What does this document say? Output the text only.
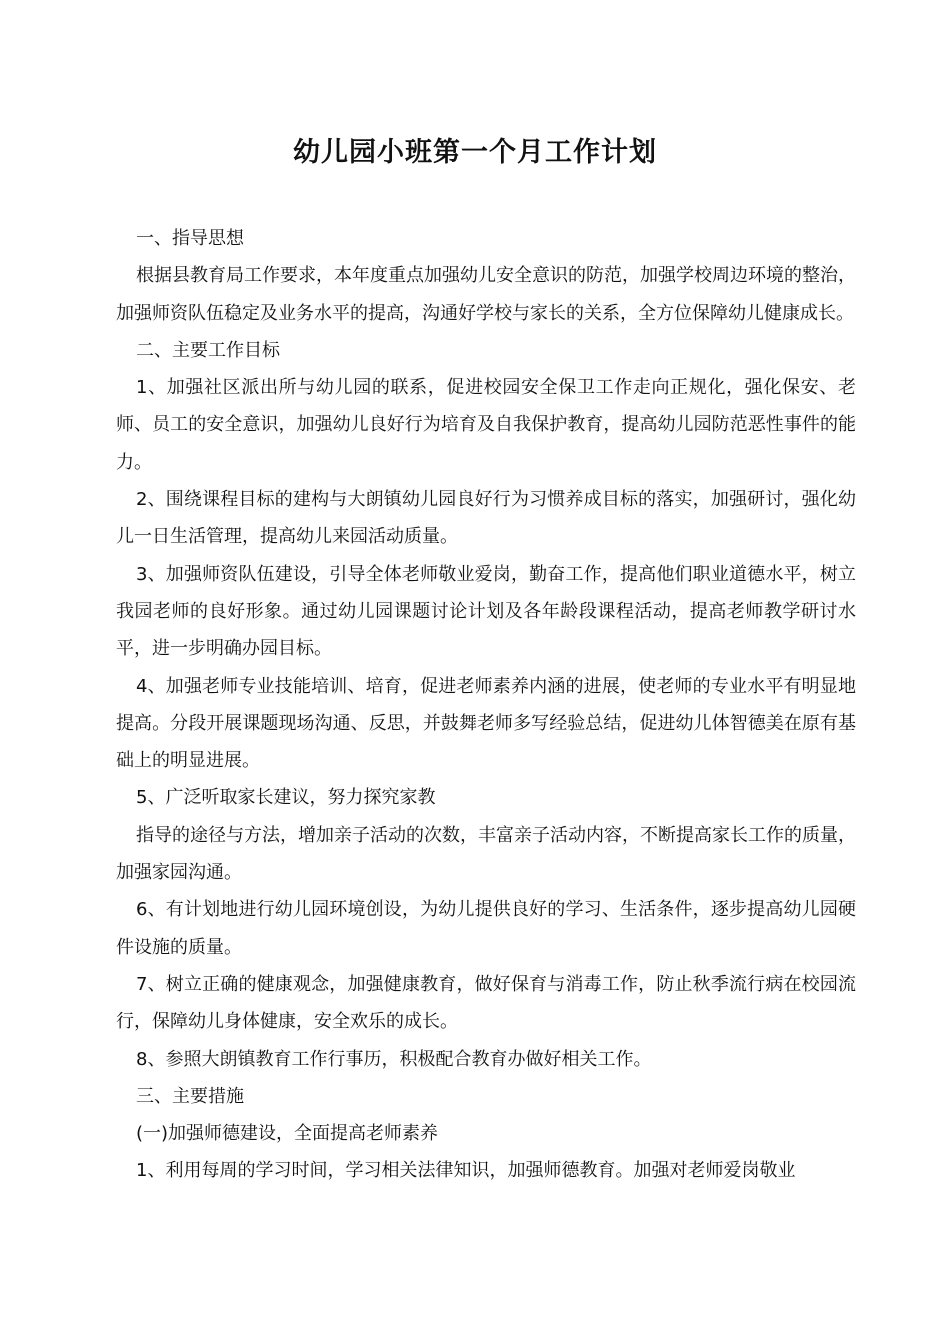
幼儿园小班第一个月工作计划

一、指导思想

根据县教育局工作要求，本年度重点加强幼儿安全意识的防范，加强学校周边环境的整治，加强师资队伍稳定及业务水平的提高，沟通好学校与家长的关系，全方位保障幼儿健康成长。

二、主要工作目标

1、加强社区派出所与幼儿园的联系，促进校园安全保卫工作走向正规化，强化保安、老师、员工的安全意识，加强幼儿良好行为培育及自我保护教育，提高幼儿园防范恶性事件的能力。

2、围绕课程目标的建构与大朗镇幼儿园良好行为习惯养成目标的落实，加强研讨，强化幼儿一日生活管理，提高幼儿来园活动质量。

3、加强师资队伍建设，引导全体老师敬业爱岗，勤奋工作，提高他们职业道德水平，树立我园老师的良好形象。通过幼儿园课题讨论计划及各年龄段课程活动，提高老师教学研讨水平，进一步明确办园目标。

4、加强老师专业技能培训、培育，促进老师素养内涵的进展，使老师的专业水平有明显地提高。分段开展课题现场沟通、反思，并鼓舞老师多写经验总结，促进幼儿体智德美在原有基础上的明显进展。

5、广泛听取家长建议，努力探究家教

指导的途径与方法，增加亲子活动的次数，丰富亲子活动内容，不断提高家长工作的质量，加强家园沟通。

6、有计划地进行幼儿园环境创设，为幼儿提供良好的学习、生活条件，逐步提高幼儿园硬件设施的质量。

7、树立正确的健康观念，加强健康教育，做好保育与消毒工作，防止秋季流行病在校园流行，保障幼儿身体健康，安全欢乐的成长。

8、参照大朗镇教育工作行事历，积极配合教育办做好相关工作。

三、主要措施

(一)加强师德建设，全面提高老师素养

1、利用每周的学习时间，学习相关法律知识，加强师德教育。加强对老师爱岗敬业
